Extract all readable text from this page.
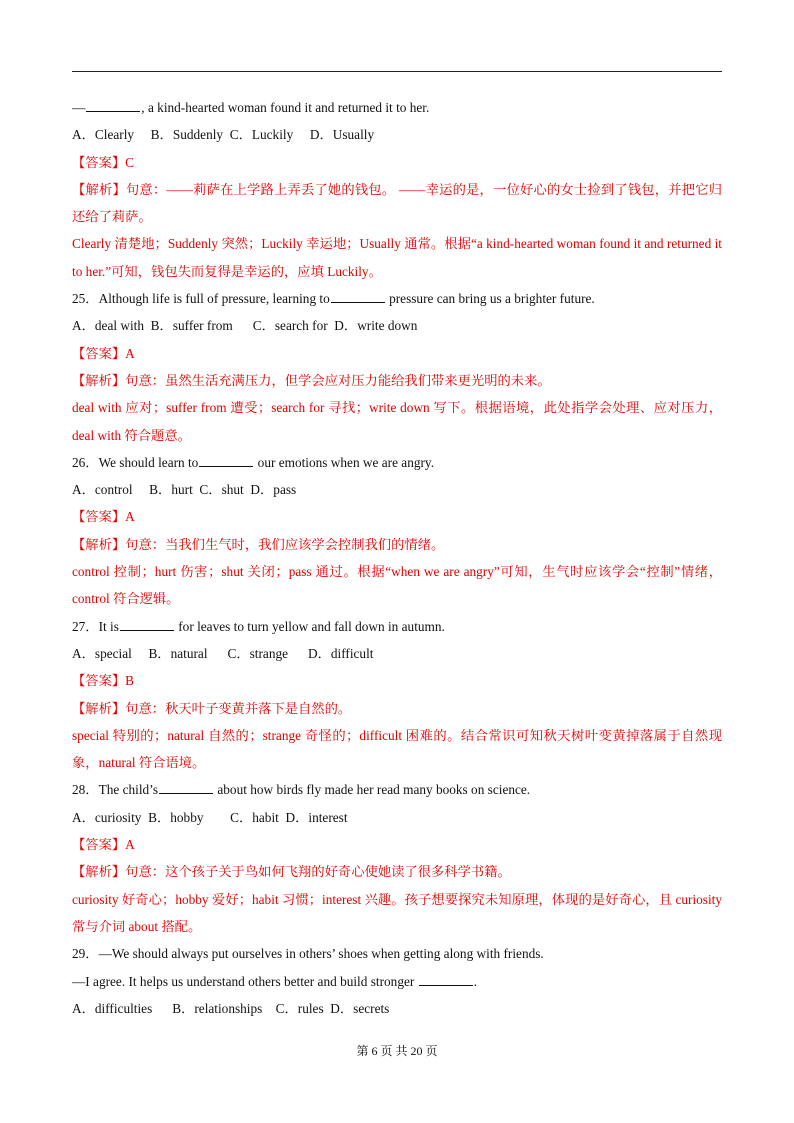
—	, a kind-hearted woman found it and returned it to her.
A．Clearly     B．Suddenly  C．Luckily     D．Usually
【答案】C
【解析】句意：——莉萨在上学路上弄丢了她的钱包。 ——幸运的是，一位好心的女士捡到了钱包，并把它归还给了莉萨。
Clearly 清楚地；Suddenly 突然；Luckily 幸运地；Usually 通常。根据“a kind-hearted woman found it and returned it to her.”可知，钱包失而复得是幸运的，应填 Luckily。
25．Although life is full of pressure, learning to	pressure can bring us a brighter future.
A．deal with  B．suffer from      C．search for  D．write down
【答案】A
【解析】句意：虽然生活充满压力，但学会应对压力能给我们带来更光明的未来。
deal with 应对；suffer from 遭受；search for 寻找；write down 写下。根据语境，此处指学会处理、应对压力，deal with 符合题意。
26．We should learn to	our emotions when we are angry.
A．control     B．hurt  C．shut  D．pass
【答案】A
【解析】句意：当我们生气时，我们应该学会控制我们的情绪。
control 控制；hurt 伤害；shut 关闭；pass 通过。根据“when we are angry”可知，生气时应该学会“控制”情绪，control 符合逻辑。
27．It is	for leaves to turn yellow and fall down in autumn.
A．special     B．natural      C．strange      D．difficult
【答案】B
【解析】句意：秋天叶子变黄并落下是自然的。
special 特别的；natural 自然的；strange 奇怪的；difficult 困难的。结合常识可知秋天树叶变黄掉落属于自然现象，natural 符合语境。
28．The child’s	about how birds fly made her read many books on science.
A．curiosity  B．hobby        C．habit  D．interest
【答案】A
【解析】句意：这个孩子关于鸟如何飞翔的好奇心使她读了很多科学书籍。
curiosity 好奇心；hobby 爱好；habit 习惯；interest 兴趣。孩子想要探究未知原理，体现的是好奇心，且 curiosity 常与介词 about 搭配。
29．—We should always put ourselves in others’ shoes when getting along with friends.
—I agree. It helps us understand others better and build stronger	.
A．difficulties      B．relationships    C．rules  D．secrets
第 6 页 共 20 页
